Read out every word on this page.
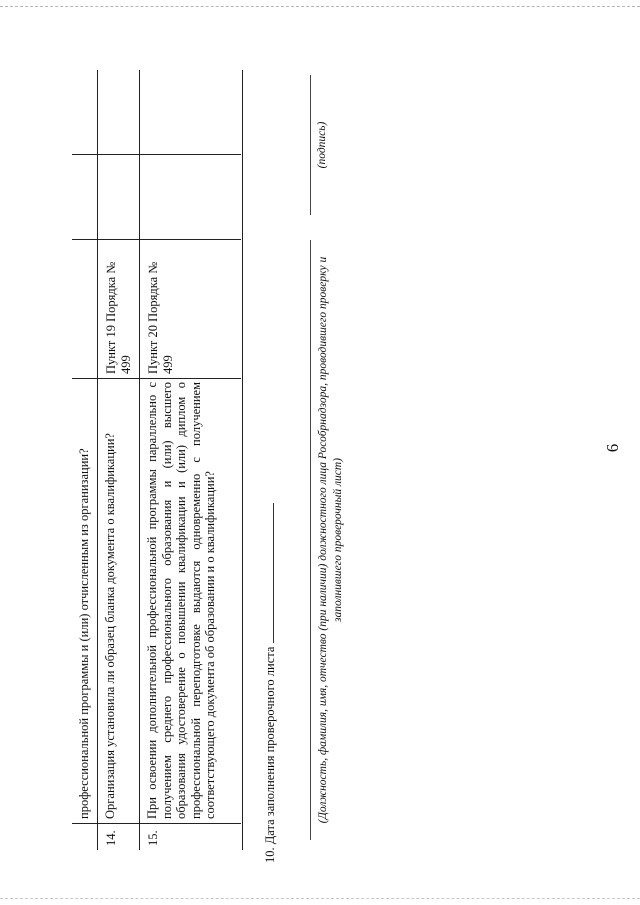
6
профессиональной программы и (или) отчисленным из организации?
14.
Организация установила ли образец бланка документа о квалификации?
Пункт 19 Порядка № 499
15.
При освоении дополнительной профессиональной программы параллельно с получением среднего профессионального образования и (или) высшего образования удостоверение о повышении квалификации и (или) диплом о профессиональной переподготовке выдаются одновременно с получением соответствующего документа об образовании и о квалификации?
Пункт 20 Порядка № 499
10. Дата заполнения проверочного листа	(Должность, фамилия, имя, отчество (при наличии) должностного лица Рособрнадзора, проводившего проверку и заполнившего проверочный лист)
(подпись)
